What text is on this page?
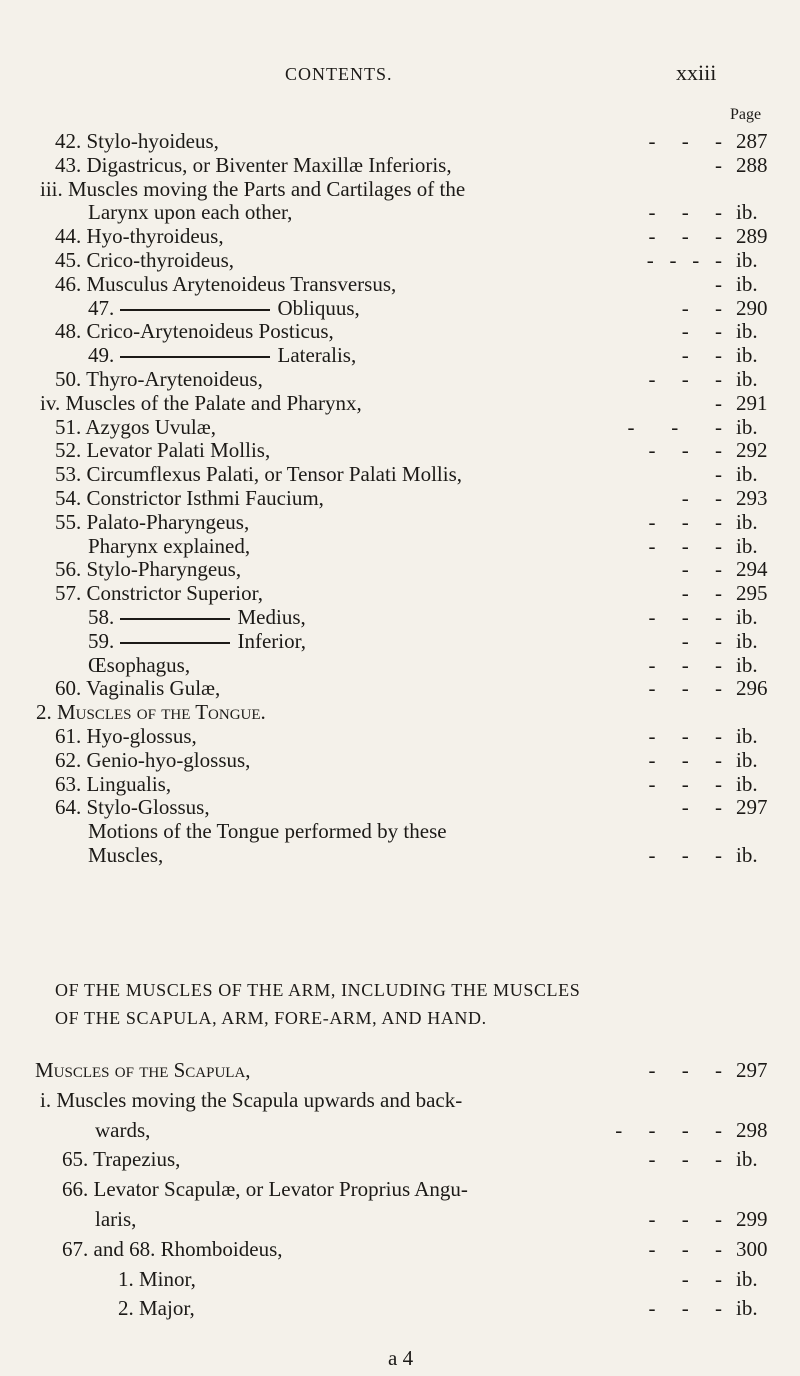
CONTENTS.	xxiii
Page
42. Stylo-hyoideus,	-     -     - 287
43. Digastricus, or Biventer Maxillæ Inferioris,	- 288
iii. Muscles moving the Parts and Cartilages of the
Larynx upon each other,	-     -     - ib.
44. Hyo-thyroideus,	-     -     - 289
45. Crico-thyroideus,	-   -   -   - ib.
46. Musculus Arytenoideus Transversus,	- ib.
47.	Obliquus,	-     - 290
48. Crico-Arytenoideus Posticus,	-     - ib.
49.	Lateralis,	-     - ib.
50. Thyro-Arytenoideus,	-     -     - ib.
iv. Muscles of the Palate and Pharynx,	- 291
51. Azygos Uvulæ,	-       -       - ib.
52. Levator Palati Mollis,	-     -     - 292
53. Circumflexus Palati, or Tensor Palati Mollis,	- ib.
54. Constrictor Isthmi Faucium,	-     - 293
55. Palato-Pharyngeus,	-     -     - ib.
Pharynx explained,	-     -     - ib.
56. Stylo-Pharyngeus,	-     - 294
57. Constrictor Superior,	-     - 295
58.	Medius,	-     -     - ib.
59.	Inferior,	-     - ib.
Œsophagus,	-     -     - ib.
60. Vaginalis Gulæ,	-     -     - 296
2. Muscles of the Tongue.
61. Hyo-glossus,	-     -     - ib.
62. Genio-hyo-glossus,	-     -     - ib.
63. Lingualis,	-     -     - ib.
64. Stylo-Glossus,	-     - 297
Motions of the Tongue performed by these
Muscles,	-     -     - ib.
OF THE MUSCLES OF THE ARM, INCLUDING THE MUSCLES
OF THE SCAPULA, ARM, FORE-ARM, AND HAND.
Muscles of the Scapula,	-     -     - 297
i. Muscles moving the Scapula upwards and back-
wards,	-     -     -     - 298
65. Trapezius,	-     -     - ib.
66. Levator Scapulæ, or Levator Proprius Angu-
laris,	-     -     - 299
67. and 68. Rhomboideus,	-     -     - 300
1. Minor,	-     - ib.
2. Major,	-     -     - ib.
a 4
